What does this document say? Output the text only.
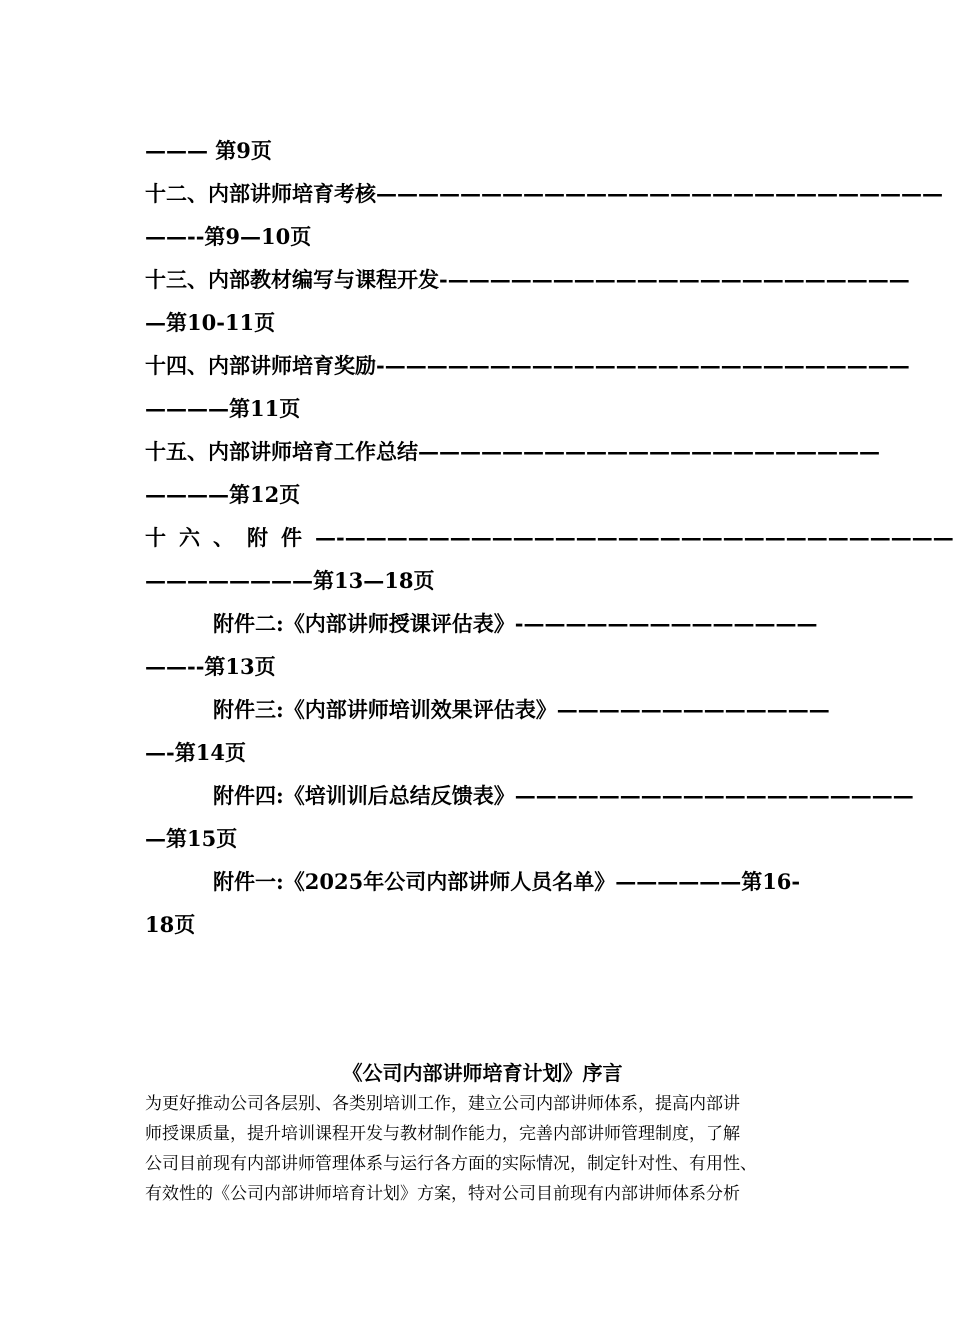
——— 第9页
十二、内部讲师培育考核———————————————————————————
——--第9—10页
十三、内部教材编写与课程开发-——————————————————————
—第10-11页
十四、内部讲师培育奖励-—————————————————————————
————第11页
十五、内部讲师培育工作总结——————————————————————
————第12页
十 六 、 附 件 —-—————————————————————————————
————————第13—18页
附件二:《内部讲师授课评估表》-——————————————
——--第13页
附件三:《内部讲师培训效果评估表》—————————————
—-第14页
附件四:《培训训后总结反馈表》———————————————————
—第15页
附件一:《2025年公司内部讲师人员名单》——————第16-
18页
《公司内部讲师培育计划》序言
为更好推动公司各层别、各类别培训工作，建立公司内部讲师体系，提高内部讲
师授课质量，提升培训课程开发与教材制作能力，完善内部讲师管理制度，了解
公司目前现有内部讲师管理体系与运行各方面的实际情况，制定针对性、有用性、
有效性的《公司内部讲师培育计划》方案，特对公司目前现有内部讲师体系分析
